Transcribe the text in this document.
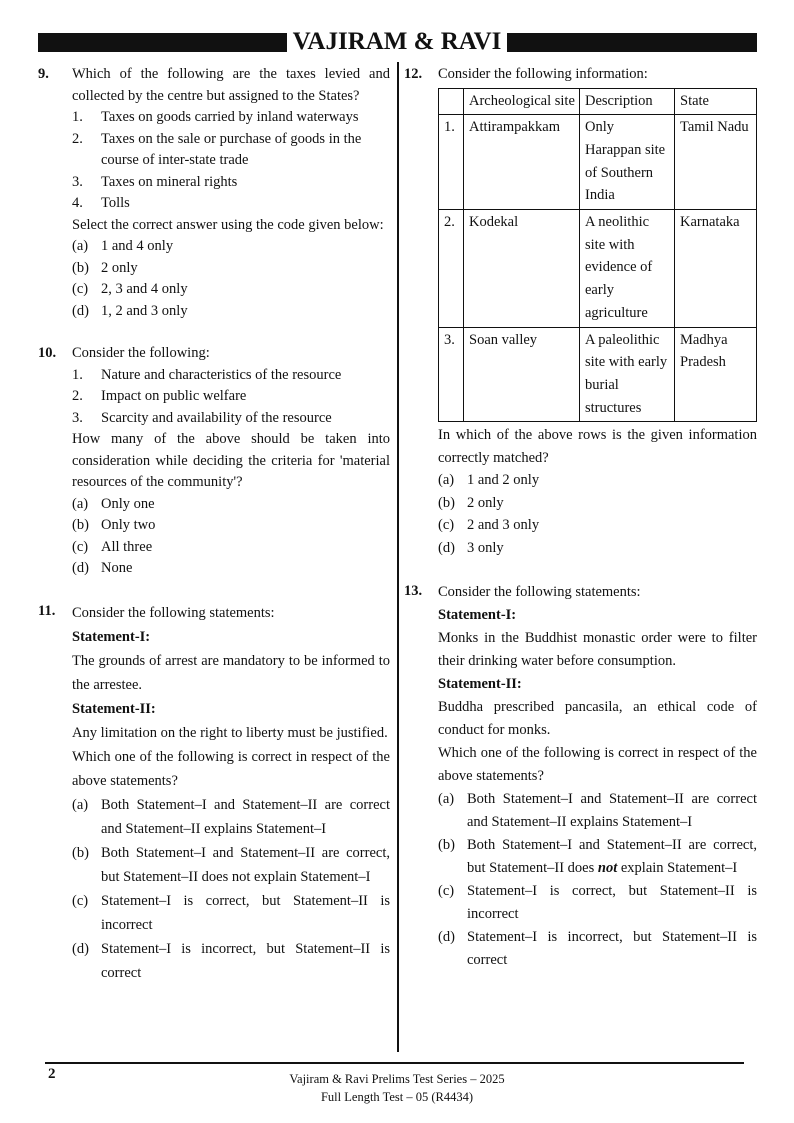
VAJIRAM & RAVI
9. Which of the following are the taxes levied and collected by the centre but assigned to the States?
1.	Taxes on goods carried by inland waterways
2.	Taxes on the sale or purchase of goods in the course of inter-state trade
3.	Taxes on mineral rights
4.	Tolls
Select the correct answer using the code given below:
(a) 1 and 4 only
(b) 2 only
(c) 2, 3 and 4 only
(d) 1, 2 and 3 only
10. Consider the following:
1.	Nature and characteristics of the resource
2.	Impact on public welfare
3.	Scarcity and availability of the resource
How many of the above should be taken into consideration while deciding the criteria for 'material resources of the community'?
(a) Only one
(b) Only two
(c) All three
(d) None
11. Consider the following statements:
Statement-I:
The grounds of arrest are mandatory to be informed to the arrestee.
Statement-II:
Any limitation on the right to liberty must be justified.
Which one of the following is correct in respect of the above statements?
(a) Both Statement–I and Statement–II are correct and Statement–II explains Statement–I
(b) Both Statement–I and Statement–II are correct, but Statement–II does not explain Statement–I
(c) Statement–I is correct, but Statement–II is incorrect
(d) Statement–I is incorrect, but Statement–II is correct
12. Consider the following information:
	Archeological site	Description	State
1.	Attirampakkam	Only Harappan site of Southern India	Tamil Nadu
2.	Kodekal	A neolithic site with evidence of early agriculture	Karnataka
3.	Soan valley	A paleolithic site with early burial structures	Madhya Pradesh
In which of the above rows is the given information correctly matched?
(a) 1 and 2 only
(b) 2 only
(c) 2 and 3 only
(d) 3 only
13. Consider the following statements:
Statement-I:
Monks in the Buddhist monastic order were to filter their drinking water before consumption.
Statement-II:
Buddha prescribed pancasila, an ethical code of conduct for monks.
Which one of the following is correct in respect of the above statements?
(a) Both Statement–I and Statement–II are correct and Statement–II explains Statement–I
(b) Both Statement–I and Statement–II are correct, but Statement–II does not explain Statement–I
(c) Statement–I is correct, but Statement–II is incorrect
(d) Statement–I is incorrect, but Statement–II is correct
2	Vajiram & Ravi Prelims Test Series – 2025
Full Length Test – 05 (R4434)
